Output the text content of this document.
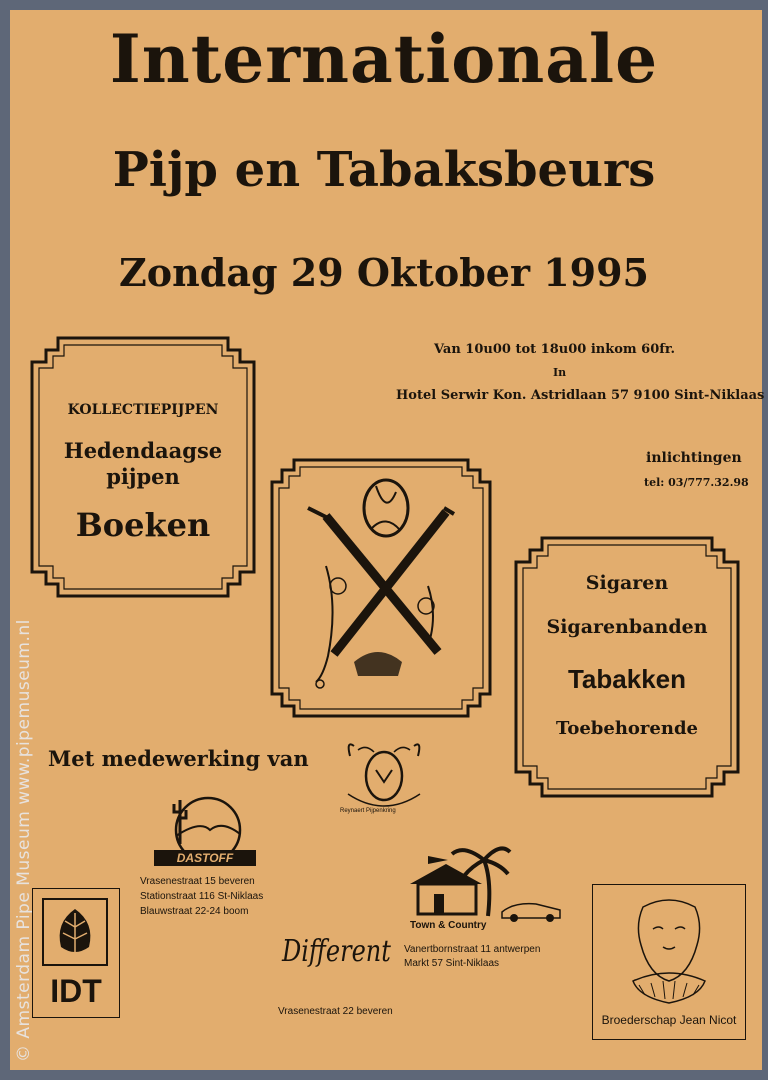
© Amsterdam Pipe Museum www.pipemuseum.nl
Internationale
Pijp en Tabaksbeurs
Zondag 29 Oktober 1995
Van 10u00 tot 18u00 inkom 60fr.
In
Hotel Serwir Kon. Astridlaan 57 9100 Sint-Niklaas
inlichtingen
tel: 03/777.32.98
KOLLECTIEPIJPEN
Hedendaagse
pijpen
Boeken
Sigaren
Sigarenbanden
Tabakken
Toebehorende
Met medewerking van
Reynaert Pijpenkring
DASTOFF
Vrasenestraat 15 beveren
Stationstraat 116 St-Niklaas
Blauwstraat 22-24 boom
Town & Country
Vanertbornstraat 11 antwerpen
Markt 57 Sint-Niklaas
Different
Vrasenestraat 22 beveren
IDT
Broederschap Jean Nicot
